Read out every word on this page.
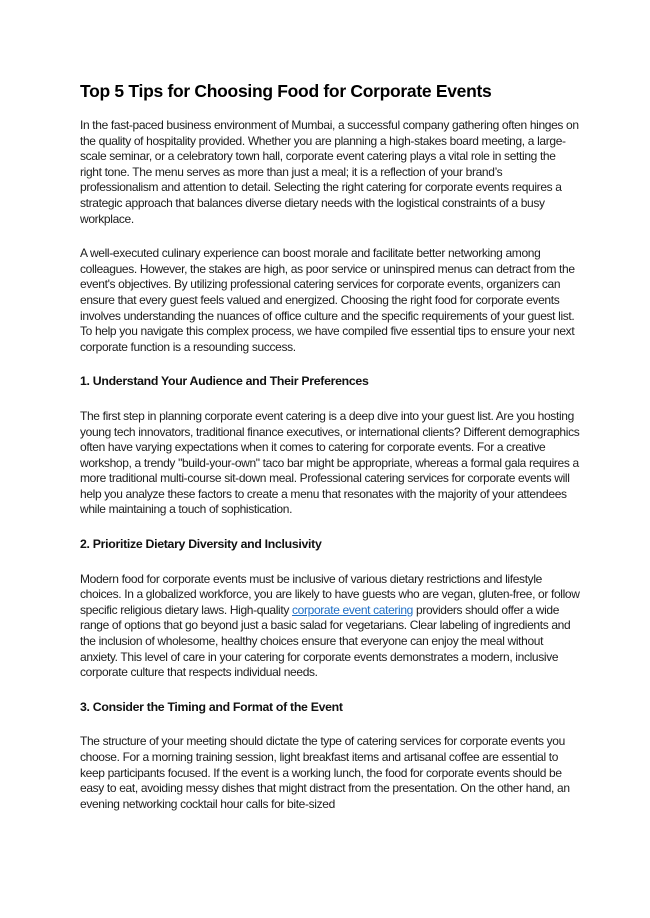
Top 5 Tips for Choosing Food for Corporate Events

In the fast-paced business environment of Mumbai, a successful company gathering often hinges on the quality of hospitality provided. Whether you are planning a high-stakes board meeting, a large-scale seminar, or a celebratory town hall, corporate event catering plays a vital role in setting the right tone. The menu serves as more than just a meal; it is a reflection of your brand’s professionalism and attention to detail. Selecting the right catering for corporate events requires a strategic approach that balances diverse dietary needs with the logistical constraints of a busy workplace.

A well-executed culinary experience can boost morale and facilitate better networking among colleagues. However, the stakes are high, as poor service or uninspired menus can detract from the event's objectives. By utilizing professional catering services for corporate events, organizers can ensure that every guest feels valued and energized. Choosing the right food for corporate events involves understanding the nuances of office culture and the specific requirements of your guest list. To help you navigate this complex process, we have compiled five essential tips to ensure your next corporate function is a resounding success.

1. Understand Your Audience and Their Preferences

The first step in planning corporate event catering is a deep dive into your guest list. Are you hosting young tech innovators, traditional finance executives, or international clients? Different demographics often have varying expectations when it comes to catering for corporate events. For a creative workshop, a trendy "build-your-own" taco bar might be appropriate, whereas a formal gala requires a more traditional multi-course sit-down meal. Professional catering services for corporate events will help you analyze these factors to create a menu that resonates with the majority of your attendees while maintaining a touch of sophistication.

2. Prioritize Dietary Diversity and Inclusivity

Modern food for corporate events must be inclusive of various dietary restrictions and lifestyle choices. In a globalized workforce, you are likely to have guests who are vegan, gluten-free, or follow specific religious dietary laws. High-quality corporate event catering providers should offer a wide range of options that go beyond just a basic salad for vegetarians. Clear labeling of ingredients and the inclusion of wholesome, healthy choices ensure that everyone can enjoy the meal without anxiety. This level of care in your catering for corporate events demonstrates a modern, inclusive corporate culture that respects individual needs.

3. Consider the Timing and Format of the Event

The structure of your meeting should dictate the type of catering services for corporate events you choose. For a morning training session, light breakfast items and artisanal coffee are essential to keep participants focused. If the event is a working lunch, the food for corporate events should be easy to eat, avoiding messy dishes that might distract from the presentation. On the other hand, an evening networking cocktail hour calls for bite-sized
